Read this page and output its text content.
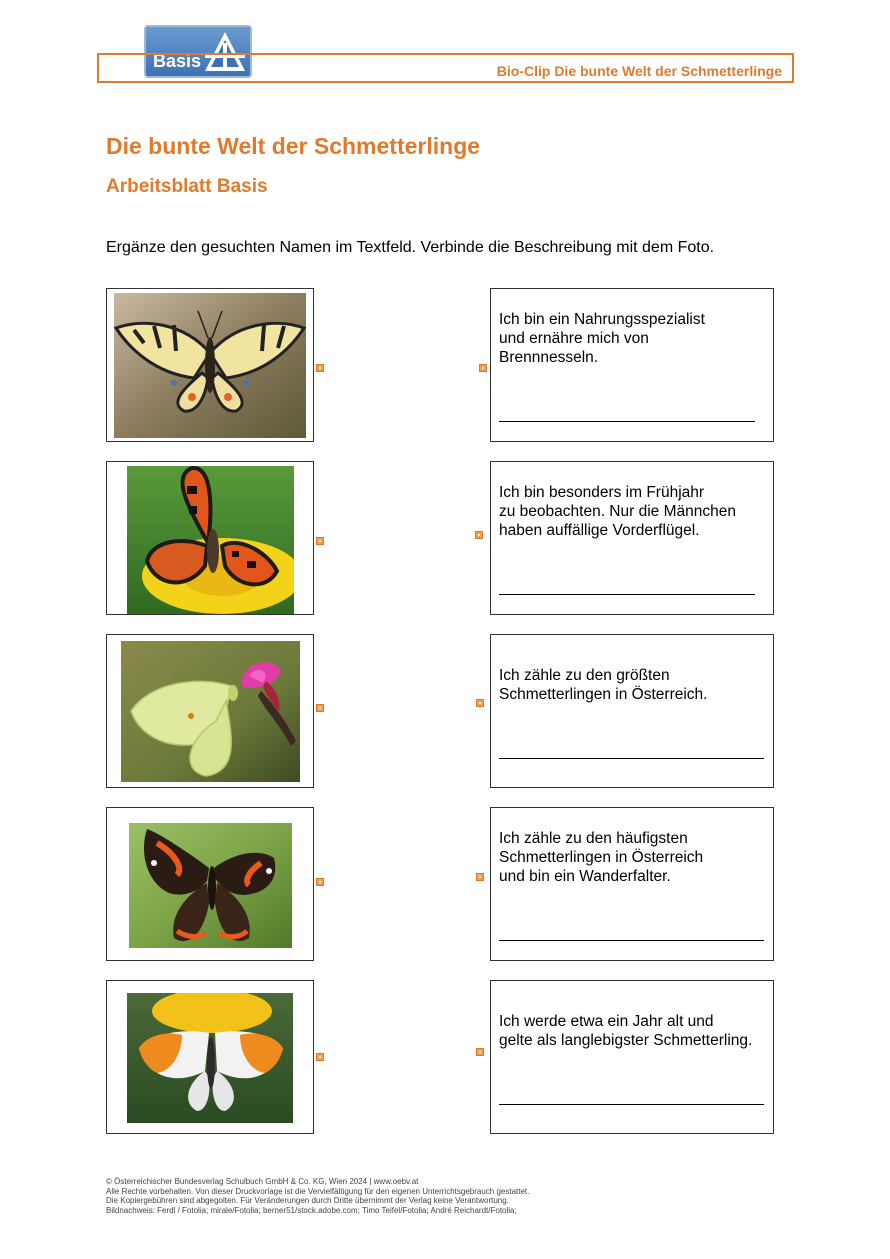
Basis	Bio-Clip Die bunte Welt der Schmetterlinge
Die bunte Welt der Schmetterlinge
Arbeitsblatt Basis
Ergänze den gesuchten Namen im Textfeld. Verbinde die Beschreibung mit dem Foto.
Ich bin ein Nahrungsspezialist
und ernähre mich von
Brennnesseln.
Ich bin besonders im Frühjahr
zu beobachten. Nur die Männchen
haben auffällige Vorderflügel.
Ich zähle zu den größten
Schmetterlingen in Österreich.
Ich zähle zu den häufigsten
Schmetterlingen in Österreich
und bin ein Wanderfalter.
Ich werde etwa ein Jahr alt und
gelte als langlebigster Schmetterling.
© Österreichischer Bundesverlag Schulbuch GmbH & Co. KG, Wien 2024 | www.oebv.at
Alle Rechte vorbehalten. Von dieser Druckvorlage ist die Vervielfältigung für den eigenen Unterrichtsgebrauch gestattet.
Die Kopiergebühren sind abgegolten. Für Veränderungen durch Dritte übernimmt der Verlag keine Verantwortung.
Bildnachweis: Ferdl / Fotolia; mirale/Fotolia; berner51/stock.adobe.com; Timo Teifel/Fotolia; André Reichardt/Fotolia;
